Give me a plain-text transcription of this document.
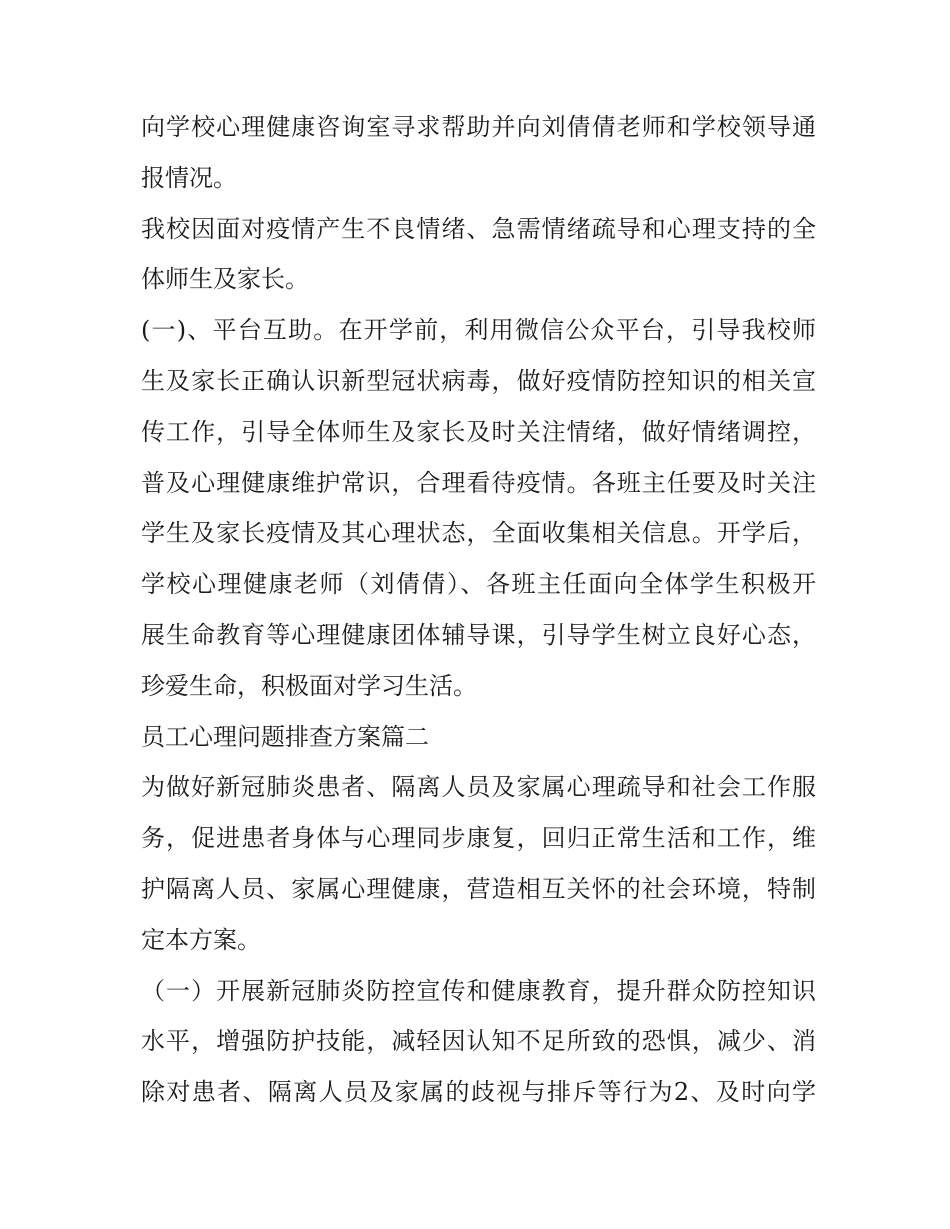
向学校心理健康咨询室寻求帮助并向刘倩倩老师和学校领导通
报情况。
我校因面对疫情产生不良情绪、急需情绪疏导和心理支持的全
体师生及家长。
(一)、平台互助。在开学前，利用微信公众平台，引导我校师
生及家长正确认识新型冠状病毒，做好疫情防控知识的相关宣
传工作，引导全体师生及家长及时关注情绪，做好情绪调控，
普及心理健康维护常识，合理看待疫情。各班主任要及时关注
学生及家长疫情及其心理状态，全面收集相关信息。开学后，
学校心理健康老师（刘倩倩）、各班主任面向全体学生积极开
展生命教育等心理健康团体辅导课，引导学生树立良好心态，
珍爱生命，积极面对学习生活。
员工心理问题排查方案篇二
为做好新冠肺炎患者、隔离人员及家属心理疏导和社会工作服
务，促进患者身体与心理同步康复，回归正常生活和工作，维
护隔离人员、家属心理健康，营造相互关怀的社会环境，特制
定本方案。
（一）开展新冠肺炎防控宣传和健康教育，提升群众防控知识
水平，增强防护技能，减轻因认知不足所致的恐惧，减少、消
除对患者、隔离人员及家属的歧视与排斥等行为2、及时向学
